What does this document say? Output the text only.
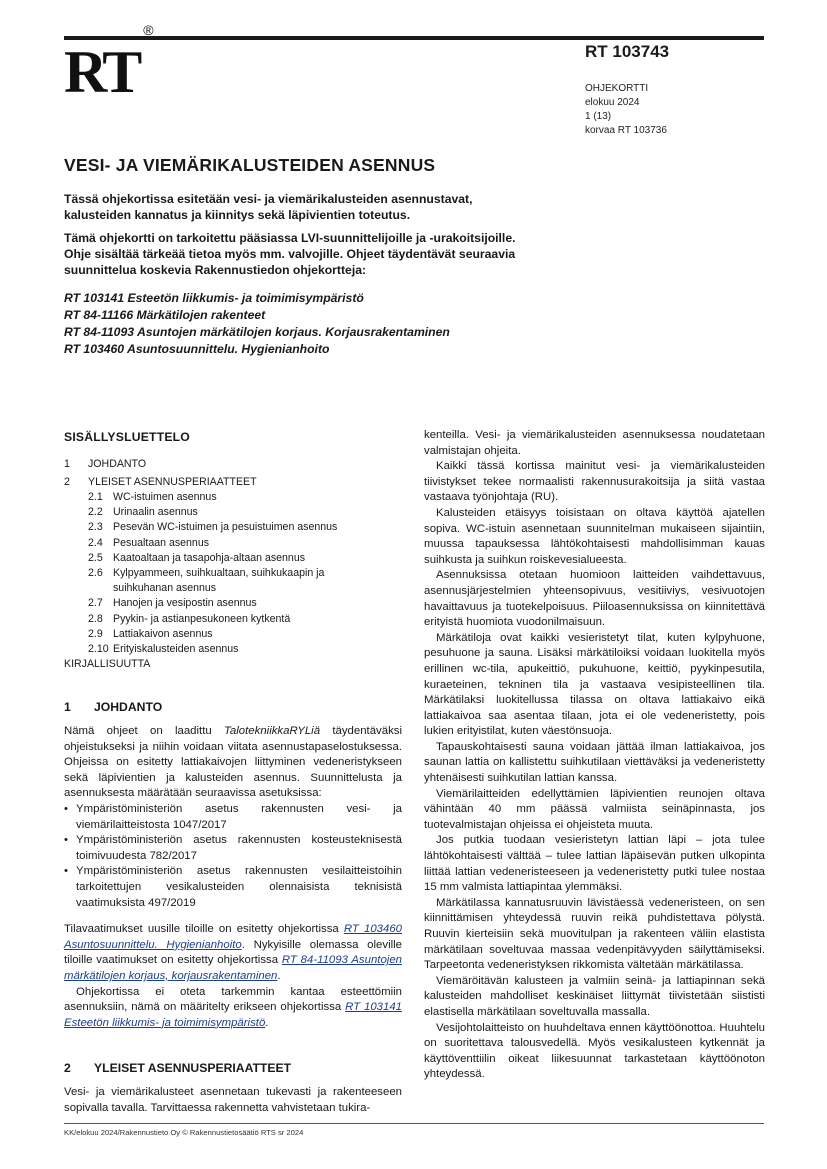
RT®
RT 103743
OHJEKORTTI
elokuu 2024
1 (13)
korvaa RT 103736
VESI- JA VIEMÄRIKALUSTEIDEN ASENNUS

Tässä ohjekortissa esitetään vesi- ja viemärikalusteiden asennustavat, kalusteiden kannatus ja kiinnitys sekä läpivientien toteutus.

Tämä ohjekortti on tarkoitettu pääsiassa LVI-suunnittelijoille ja -urakoitsijoille. Ohje sisältää tärkeää tietoa myös mm. valvojille. Ohjeet täydentävät seuraavia suunnittelua koskevia Rakennustiedon ohjekortteja:

RT 103141 Esteetön liikkumis- ja toimimisympäristö
RT 84-11166 Märkätilojen rakenteet
RT 84-11093 Asuntojen märkätilojen korjaus. Korjausrakentaminen
RT 103460 Asuntosuunnittelu. Hygienianhoito
SISÄLLYSLUETTELO
1	JOHDANTO
2	YLEISET ASENNUSPERIAATTEET
2.1 WC-istuimen asennus
2.2 Urinaalin asennus
2.3 Pesevän WC-istuimen ja pesuistuimen asennus
2.4 Pesualtaan asennus
2.5 Kaatoaltaan ja tasapohja-altaan asennus
2.6 Kylpyammeen, suihkualtaan, suihkukaapin ja suihkuhanan asennus
2.7 Hanojen ja vesipostin asennus
2.8 Pyykin- ja astianpesukoneen kytkentä
2.9 Lattiakaivon asennus
2.10 Erityiskalusteiden asennus
KIRJALLISUUTTA
1	JOHDANTO

Nämä ohjeet on laadittu TalotekniikkaRYLiä täydentäväksi ohjeistukseksi ja niihin voidaan viitata asennustapaselostuksessa. Ohjeissa on esitetty lattiakaivojen liittyminen vedeneristykseen sekä läpivientien ja kalusteiden asennus. Suunnittelusta ja asennuksesta määrätään seuraavissa asetuksissa:

• Ympäristöministeriön asetus rakennusten vesi- ja viemärilaitteistosta 1047/2017
• Ympäristöministeriön asetus rakennusten kosteusteknisestä toimivuudesta 782/2017
• Ympäristöministeriön asetus rakennusten vesilaitteistoihin tarkoitettujen vesikalusteiden olennaisista teknisistä vaatimuksista 497/2019

Tilavaatimukset uusille tiloille on esitetty ohjekortissa RT 103460 Asuntosuunnittelu. Hygienianhoito. Nykyisille olemassa oleville tiloille vaatimukset on esitetty ohjekortissa RT 84-11093 Asuntojen märkätilojen korjaus, korjausrakentaminen.

Ohjekortissa ei oteta tarkemmin kantaa esteettömiin asennuksiin, nämä on määritelty erikseen ohjekortissa RT 103141 Esteetön liikkumis- ja toimimisympäristö.

2	YLEISET ASENNUSPERIAATTEET

Vesi- ja viemärikalusteet asennetaan tukevasti ja rakenteeseen sopivalla tavalla. Tarvittaessa rakennetta vahvistetaan tukira-

kenteilla. Vesi- ja viemärikalusteiden asennuksessa noudatetaan valmistajan ohjeita.

Kaikki tässä kortissa mainitut vesi- ja viemärikalusteiden tiivistykset tekee normaalisti rakennusurakoitsija ja siitä vastaa vastaava työnjohtaja (RU).

Kalusteiden etäisyys toisistaan on oltava käyttöä ajatellen sopiva. WC-istuin asennetaan suunnitelman mukaiseen sijaintiin, muussa tapauksessa lähtökohtaisesti mahdollisimman kauas suihkusta ja suihkun roiskevesialueesta.

Asennuksissa otetaan huomioon laitteiden vaihdettavuus, asennusjärjestelmien yhteensopivuus, vesitiiviys, vesivuotojen havaittavuus ja tuotekelpoisuus. Piiloasennuksissa on kiinnitettävä erityistä huomiota vuodonilmaisuun.

Märkätiloja ovat kaikki vesieristetyt tilat, kuten kylpyhuone, pesuhuone ja sauna. Lisäksi märkätiloiksi voidaan luokitella myös erillinen wc-tila, apukeittiö, pukuhuone, keittiö, pyykinpesutila, kuraeteinen, tekninen tila ja vastaava vesipisteellinen tila. Märkätilaksi luokitellussa tilassa on oltava lattiakaivo eikä lattiakaivoa saa asentaa tilaan, jota ei ole vedeneristetty, pois lukien erityistilat, kuten väestönsuoja.

Tapauskohtaisesti sauna voidaan jättää ilman lattiakaivoa, jos saunan lattia on kallistettu suihkutilaan viettäväksi ja vedeneristetty yhtenäisesti suihkutilan lattian kanssa.

Viemärilaitteiden edellyttämien läpivientien reunojen oltava vähintään 40 mm päässä valmiista seinäpinnasta, jos tuotevalmistajan ohjeissa ei ohjeisteta muuta.

Jos putkia tuodaan vesieristetyn lattian läpi – jota tulee lähtökohtaisesti välttää – tulee lattian läpäisevän putken ulkopinta liittää lattian vedeneristeeseen ja vedeneristetty putki tulee nostaa 15 mm valmista lattiapintaa ylemmäksi.

Märkätilassa kannatusruuvin lävistäessä vedeneristeen, on sen kiinnittämisen yhteydessä ruuvin reikä puhdistettava pölystä. Ruuvin kierteisiin sekä muovitulpan ja rakenteen väliin elastista märkätilaan soveltuvaa massaa vedenpitävyyden säilyttämiseksi. Tarpeetonta vedeneristyksen rikkomista vältetään märkätilassa.

Viemäröitävän kalusteen ja valmiin seinä- ja lattiapinnan sekä kalusteiden mahdolliset keskinäiset liittymät tiivistetään siististi elastisella märkätilaan soveltuvalla massalla.

Vesijohtolaitteisto on huuhdeltava ennen käyttöönottoa. Huuhtelu on suoritettava talousvedellä. Myös vesikalusteen kytkennät ja käyttöventtiilin oikeat liikesuunnat tarkastetaan käyttöönoton yhteydessä.

KK/elokuu 2024/Rakennustieto Oy © Rakennustietosäätiö RTS sr 2024
